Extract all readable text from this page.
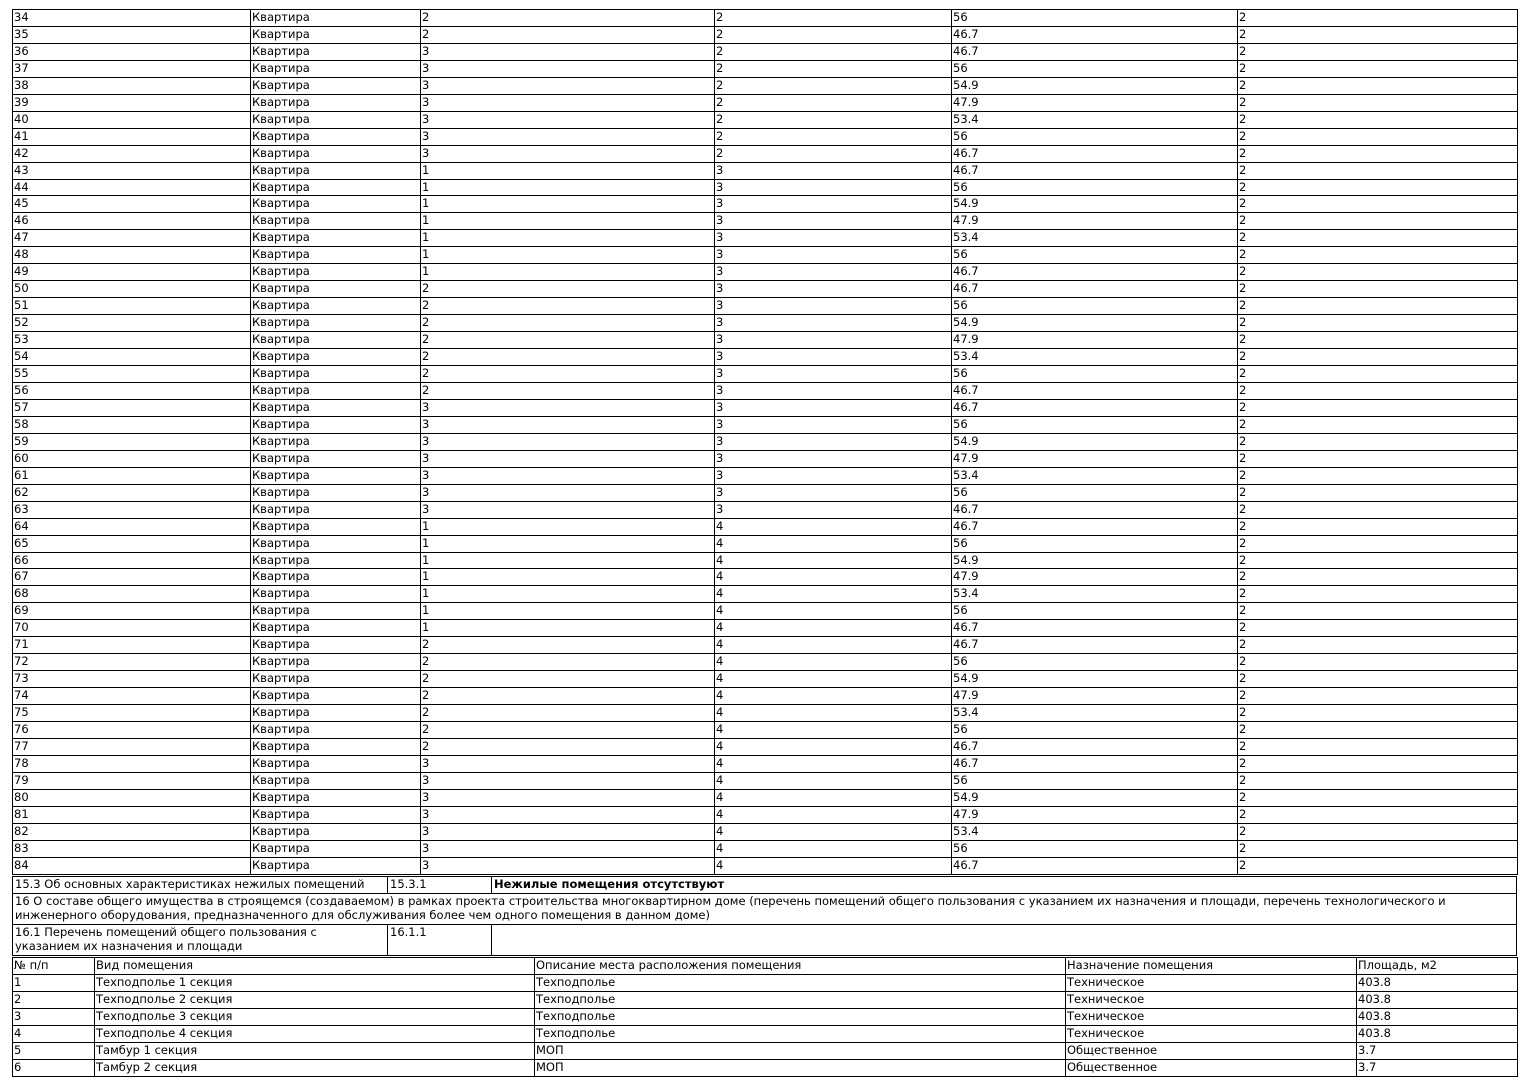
34	Квартира	2	2	56	2
35	Квартира	2	2	46.7	2
36	Квартира	3	2	46.7	2
37	Квартира	3	2	56	2
38	Квартира	3	2	54.9	2
39	Квартира	3	2	47.9	2
40	Квартира	3	2	53.4	2
41	Квартира	3	2	56	2
42	Квартира	3	2	46.7	2
43	Квартира	1	3	46.7	2
44	Квартира	1	3	56	2
45	Квартира	1	3	54.9	2
46	Квартира	1	3	47.9	2
47	Квартира	1	3	53.4	2
48	Квартира	1	3	56	2
49	Квартира	1	3	46.7	2
50	Квартира	2	3	46.7	2
51	Квартира	2	3	56	2
52	Квартира	2	3	54.9	2
53	Квартира	2	3	47.9	2
54	Квартира	2	3	53.4	2
55	Квартира	2	3	56	2
56	Квартира	2	3	46.7	2
57	Квартира	3	3	46.7	2
58	Квартира	3	3	56	2
59	Квартира	3	3	54.9	2
60	Квартира	3	3	47.9	2
61	Квартира	3	3	53.4	2
62	Квартира	3	3	56	2
63	Квартира	3	3	46.7	2
64	Квартира	1	4	46.7	2
65	Квартира	1	4	56	2
66	Квартира	1	4	54.9	2
67	Квартира	1	4	47.9	2
68	Квартира	1	4	53.4	2
69	Квартира	1	4	56	2
70	Квартира	1	4	46.7	2
71	Квартира	2	4	46.7	2
72	Квартира	2	4	56	2
73	Квартира	2	4	54.9	2
74	Квартира	2	4	47.9	2
75	Квартира	2	4	53.4	2
76	Квартира	2	4	56	2
77	Квартира	2	4	46.7	2
78	Квартира	3	4	46.7	2
79	Квартира	3	4	56	2
80	Квартира	3	4	54.9	2
81	Квартира	3	4	47.9	2
82	Квартира	3	4	53.4	2
83	Квартира	3	4	56	2
84	Квартира	3	4	46.7	2
15.3 Об основных характеристиках нежилых помещений	15.3.1	Нежилые помещения отсутствуют
16 О составе общего имущества в строящемся (создаваемом) в рамках проекта строительства многоквартирном доме (перечень помещений общего пользования с указанием их назначения и площади, перечень технологического и инженерного оборудования, предназначенного для обслуживания более чем одного помещения в данном доме)
16.1 Перечень помещений общего пользования с указанием их назначения и площади	16.1.1	
№ п/п	Вид помещения	Описание места расположения помещения	Назначение помещения	Площадь, м2
1	Техподполье 1 секция	Техподполье	Техническое	403.8
2	Техподполье 2 секция	Техподполье	Техническое	403.8
3	Техподполье 3 секция	Техподполье	Техническое	403.8
4	Техподполье 4 секция	Техподполье	Техническое	403.8
5	Тамбур 1 секция	МОП	Общественное	3.7
6	Тамбур 2 секция	МОП	Общественное	3.7
